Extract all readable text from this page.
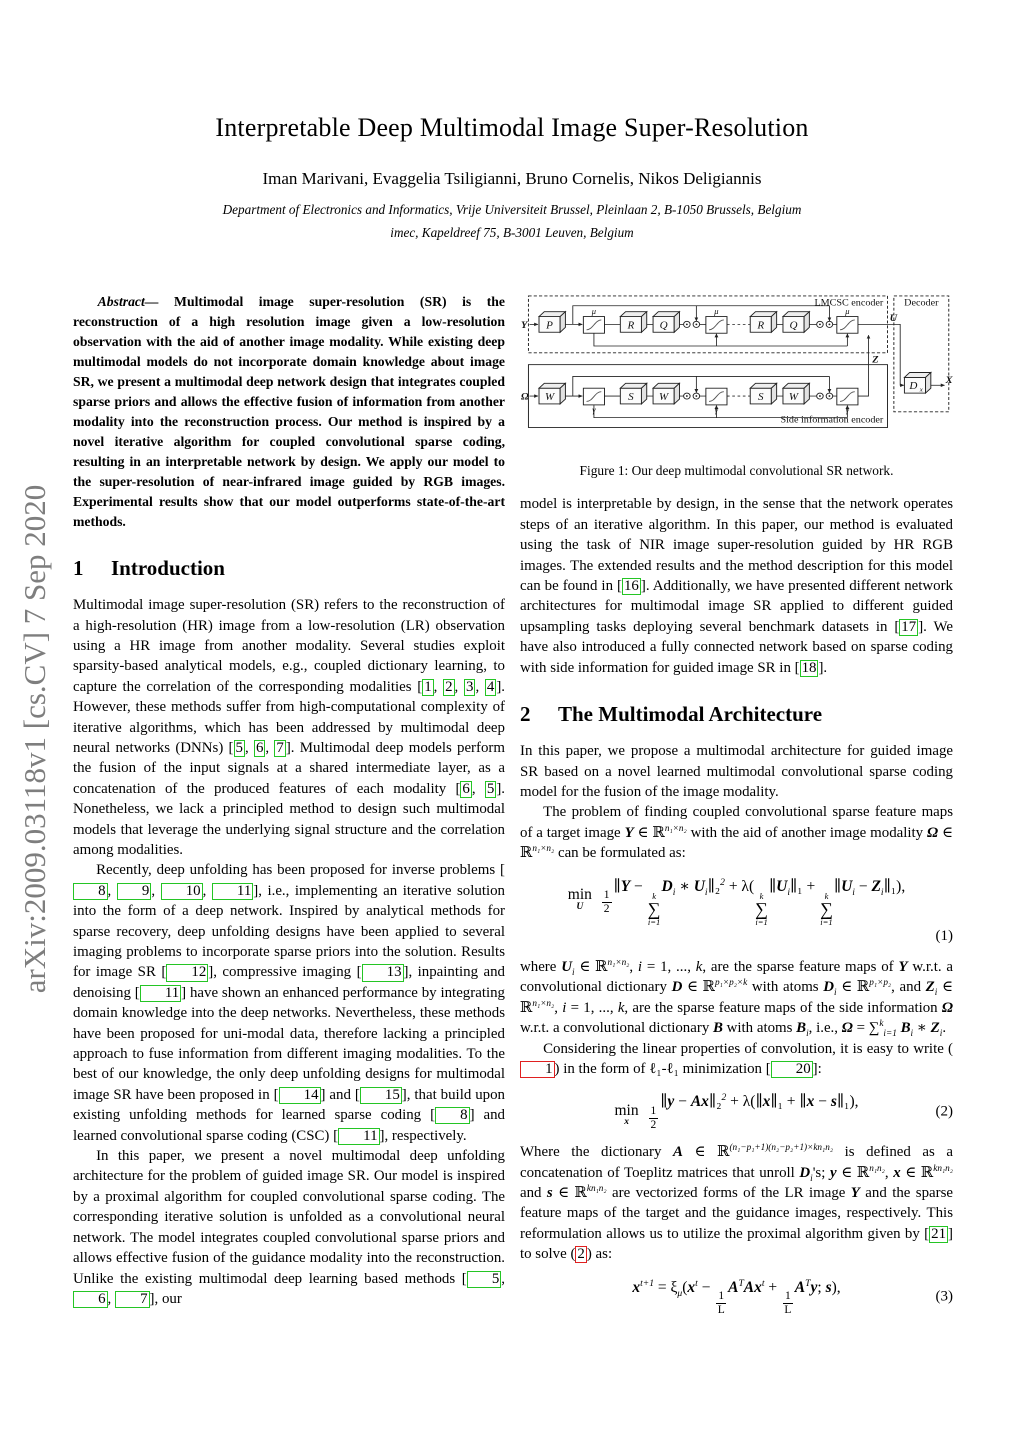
arXiv:2009.03118v1 [cs.CV] 7 Sep 2020
Interpretable Deep Multimodal Image Super-Resolution
Iman Marivani, Evaggelia Tsiligianni, Bruno Cornelis, Nikos Deligiannis
Department of Electronics and Informatics, Vrije Universiteit Brussel, Pleinlaan 2, B-1050 Brussels, Belgium
imec, Kapeldreef 75, B-3001 Leuven, Belgium

Abstract— Multimodal image super-resolution (SR) is the reconstruction of a high resolution image given a low-resolution observation with the aid of another image modality. While existing deep multimodal models do not incorporate domain knowledge about image SR, we present a multimodal deep network design that integrates coupled sparse priors and allows the effective fusion of information from another modality into the reconstruction process. Our method is inspired by a novel iterative algorithm for coupled convolutional sparse coding, resulting in an interpretable network by design. We apply our model to the super-resolution of near-infrared image guided by RGB images. Experimental results show that our model outperforms state-of-the-art methods.

1 Introduction

Multimodal image super-resolution (SR) refers to the reconstruction of a high-resolution (HR) image from a low-resolution (LR) observation using a HR image from another modality. Several studies exploit sparsity-based analytical models, e.g., coupled dictionary learning, to capture the correlation of the corresponding modalities [ 1 , 2 , 3 , 4 ]. However, these methods suffer from high-computational complexity of iterative algorithms, which has been addressed by multimodal deep neural networks (DNNs) [ 5 , 6 , 7 ]. Multimodal deep models perform the fusion of the input signals at a shared intermediate layer, as a concatenation of the produced features of each modality [ 6 , 5 ]. Nonetheless, we lack a principled method to design such multimodal models that leverage the underlying signal structure and the correlation among modalities.

Recently, deep unfolding has been proposed for inverse problems [8 , 9 , 10 , 11 ], i.e., implementing an iterative solution into the form of a deep network. Inspired by analytical methods for sparse recovery, deep unfolding designs have been applied to several imaging problems to incorporate sparse priors into the solution. Results for image SR [ 12 ], compressive imaging [ 13 ], inpainting and denoising [ 11 ] have shown an enhanced performance by integrating domain knowledge into the deep networks. Nevertheless, these methods have been proposed for uni-modal data, therefore lacking a principled approach to fuse information from different imaging modalities. To the best of our knowledge, the only deep unfolding designs for multimodal image SR have been proposed in [ 14 ] and [ 15 ], that build upon existing unfolding methods for learned sparse coding [ 8 ] and learned convolutional sparse coding (CSC) [ 11 ], respectively.

In this paper, we present a novel multimodal deep unfolding architecture for the problem of guided image SR. Our model is inspired by a proximal algorithm for coupled convolutional sparse coding. The corresponding iterative solution is unfolded as a convolutional neural network. The model integrates coupled convolutional sparse priors and allows effective fusion of the guidance modality into the reconstruction. Unlike the existing multimodal deep learning based methods [ 5 , 6 , 7 ], our

LMCSC encoder Decoder
Side information encoder
Y P
μ
R Q
μ
R Q
μ
U
Z
D x
X
Ω W
γ
S W
γ
S W
γ
Figure 1: Our deep multimodal convolutional SR network.

model is interpretable by design, in the sense that the network operates steps of an iterative algorithm. In this paper, our method is evaluated using the task of NIR image super-resolution guided by HR RGB images. The extended results and the method description for this model can be found in [ 16 ]. Additionally, we have presented different network architectures for multimodal image SR applied to different guided upsampling tasks deploying several benchmark datasets in [ 17 ]. We have also introduced a fully connected network based on sparse coding with side information for guided image SR in [ 18 ].

2 The Multimodal Architecture

In this paper, we propose a multimodal architecture for guided image SR based on a novel learned multimodal convolutional sparse coding model for the fusion of the image modality.

The problem of finding coupled convolutional sparse feature maps of a target image Y ∈ ℝ$^{n_1\times n_2}$ with the aid of another image modality Ω ∈ ℝ$^{n_1\times n_2}$ can be formulated as:

min
U
$\frac{1}{2}$
∥Y −
k
∑
i=1
$D_i$ ∗ $U_i\parallel_2^2 + \lambda$(
k
∑
i=1
$\parallel U_i\parallel_1$ +
k
∑
i=1
$\parallel U_i$ − $Z_i\parallel_1$),
(1)

where $U_i$ ∈ ℝ$^{n_1\times n_2}$, i = 1, ..., k, are the sparse feature maps of Y w.r.t. a convolutional dictionary D ∈ ℝ$^{p_1\times p_2\times k}$ with atoms $D_i$ ∈ ℝ$^{p_1\times p_2}$, and $Z_i$ ∈ ℝ$^{n_1\times n_2}$, i = 1, ..., k, are the sparse feature maps of the side information Ω w.r.t. a convolutional dictionary B with atoms $B_i$, i.e., Ω = ∑$^k_{i=1}$ $B_i$ ∗ $Z_i$.

Considering the linear properties of convolution, it is easy to write (1 ) in the form of ℓ₁-ℓ₁ minimization [ 20 ]:

min
x
$\frac{1}{2}$
∥y − Ax∥₂$^2$ + λ(∥x∥₁ + ∥x − s∥₁),
(2)

Where the dictionary A ∈ ℝ$^{(n_1-p_1+1)(n_2-p_2+1)\times kn_1n_2}$ is defined as a concatenation of Toeplitz matrices that unroll $D_i's$; y ∈ ℝ$^{n_1n_2}$, x ∈ ℝ$^{kn_1n_2}$ and s ∈ ℝ$^{kn_1n_2}$ are vectorized forms of the LR image Y and the sparse feature maps of the target and the guidance images, respectively. This reformulation allows us to utilize the proximal algorithm given by [ 21 ] to solve ( 2 ) as:

$x^{t+1} = \xi_\mu(x^t$ −
$\frac{1}{L}$
$A^TAx^t$ +
$\frac{1}{L}$
$A^Ty$; s),
(3)
